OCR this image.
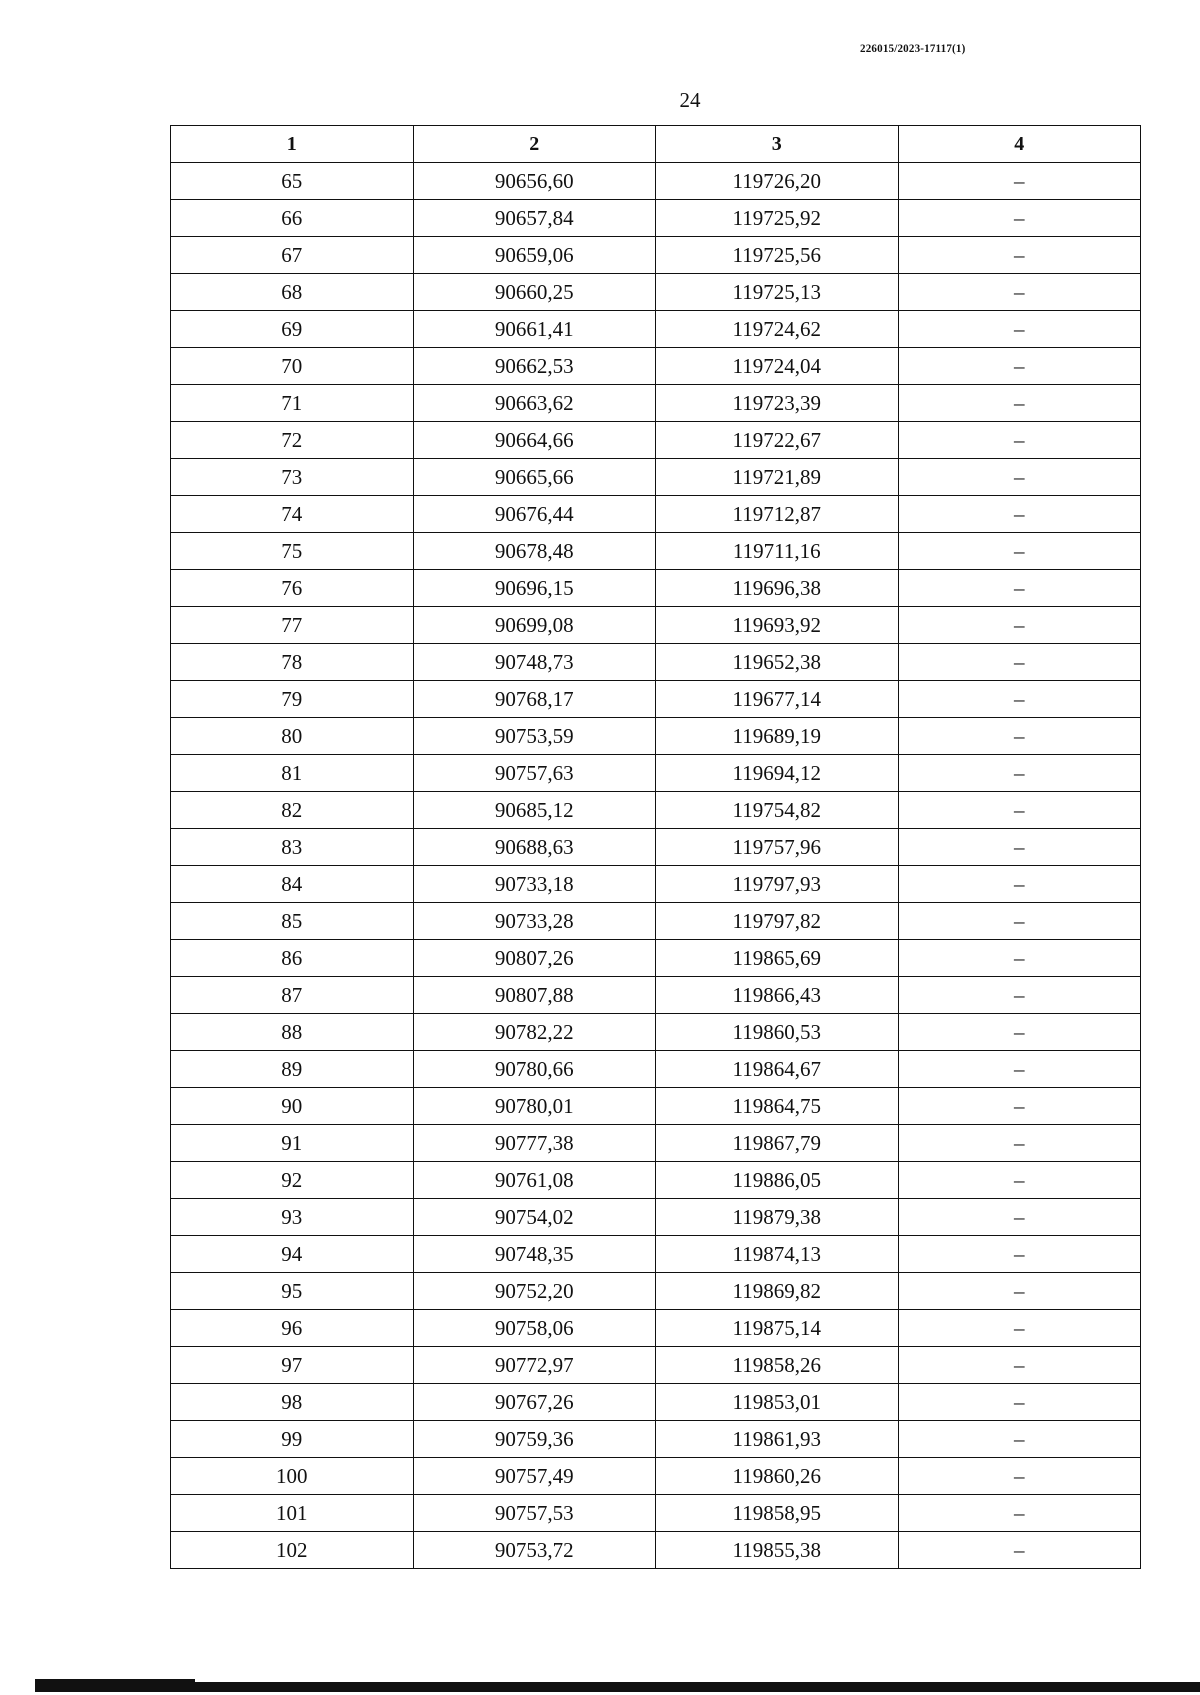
226015/2023-17117(1)
24
1	2	3	4
65	90656,60	119726,20	–
66	90657,84	119725,92	–
67	90659,06	119725,56	–
68	90660,25	119725,13	–
69	90661,41	119724,62	–
70	90662,53	119724,04	–
71	90663,62	119723,39	–
72	90664,66	119722,67	–
73	90665,66	119721,89	–
74	90676,44	119712,87	–
75	90678,48	119711,16	–
76	90696,15	119696,38	–
77	90699,08	119693,92	–
78	90748,73	119652,38	–
79	90768,17	119677,14	–
80	90753,59	119689,19	–
81	90757,63	119694,12	–
82	90685,12	119754,82	–
83	90688,63	119757,96	–
84	90733,18	119797,93	–
85	90733,28	119797,82	–
86	90807,26	119865,69	–
87	90807,88	119866,43	–
88	90782,22	119860,53	–
89	90780,66	119864,67	–
90	90780,01	119864,75	–
91	90777,38	119867,79	–
92	90761,08	119886,05	–
93	90754,02	119879,38	–
94	90748,35	119874,13	–
95	90752,20	119869,82	–
96	90758,06	119875,14	–
97	90772,97	119858,26	–
98	90767,26	119853,01	–
99	90759,36	119861,93	–
100	90757,49	119860,26	–
101	90757,53	119858,95	–
102	90753,72	119855,38	–
